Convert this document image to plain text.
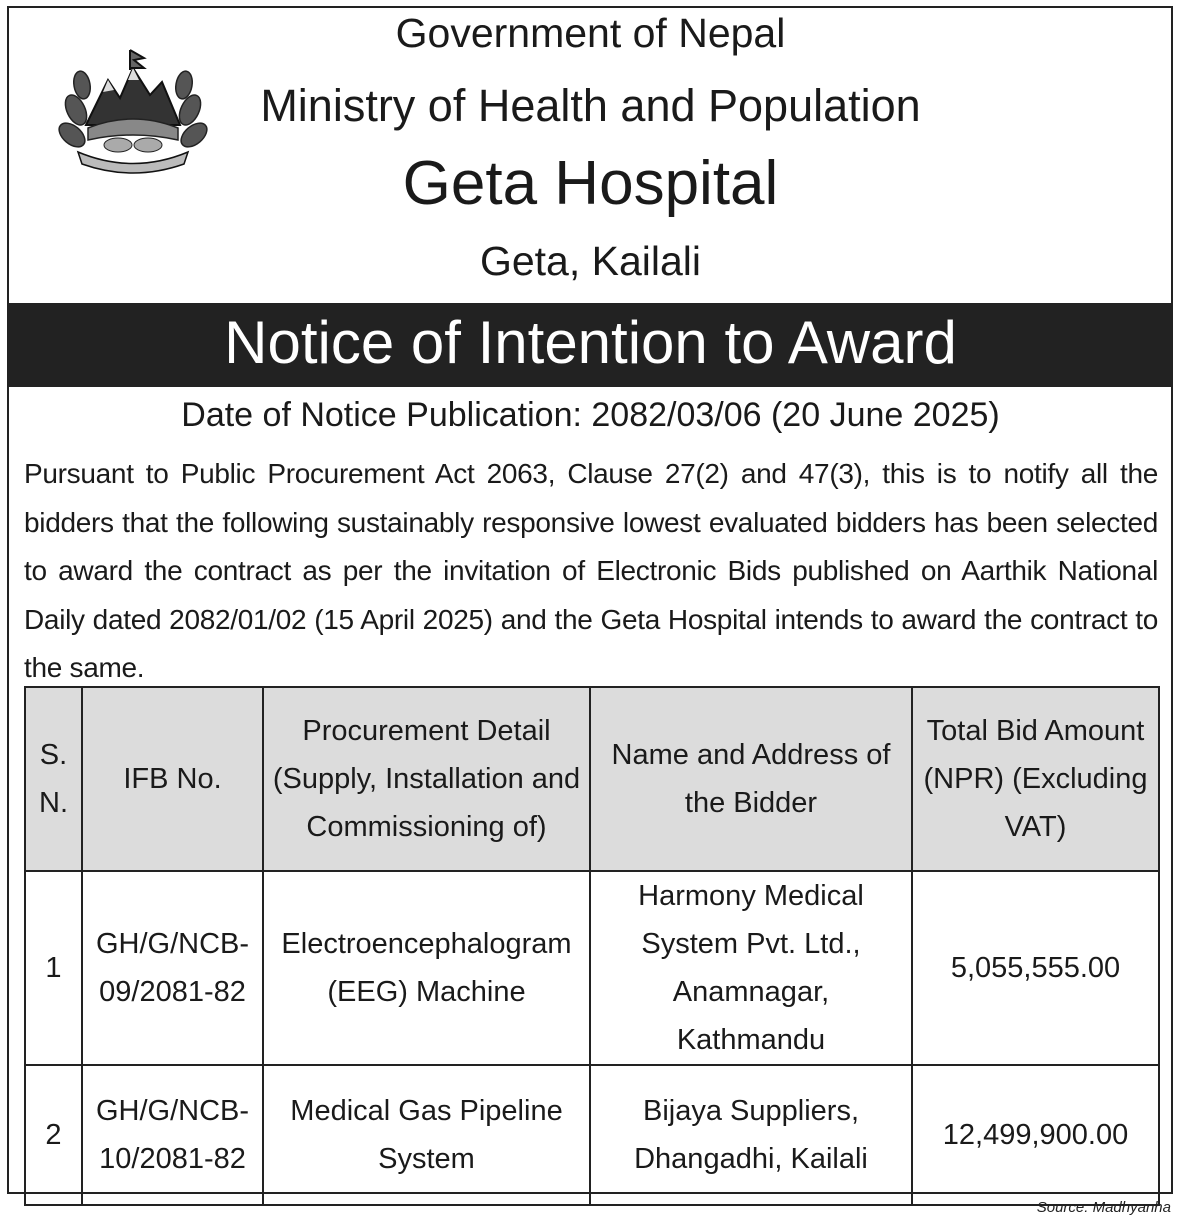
Government of Nepal
Ministry of Health and Population
Geta Hospital
Geta, Kailali
Notice of Intention to Award
Date of Notice Publication: 2082/03/06 (20 June 2025)
Pursuant to Public Procurement Act 2063, Clause 27(2) and 47(3), this is to notify all the bidders that the following sustainably responsive lowest evaluated bidders has been selected to award the contract as per the invitation of Electronic Bids published on Aarthik National Daily dated 2082/01/02 (15 April 2025) and the Geta Hospital intends to award the contract to the same.
S. N.	IFB No.	Procurement Detail (Supply, Installation and Commissioning of)	Name and Address of the Bidder	Total Bid Amount (NPR) (Excluding VAT)
1	GH/G/NCB-09/2081-82	Electroencephalogram (EEG) Machine	Harmony Medical System Pvt. Ltd., Anamnagar, Kathmandu	5,055,555.00
2	GH/G/NCB-10/2081-82	Medical Gas Pipeline System	Bijaya Suppliers, Dhangadhi, Kailali	12,499,900.00
Source: Madhyanha
